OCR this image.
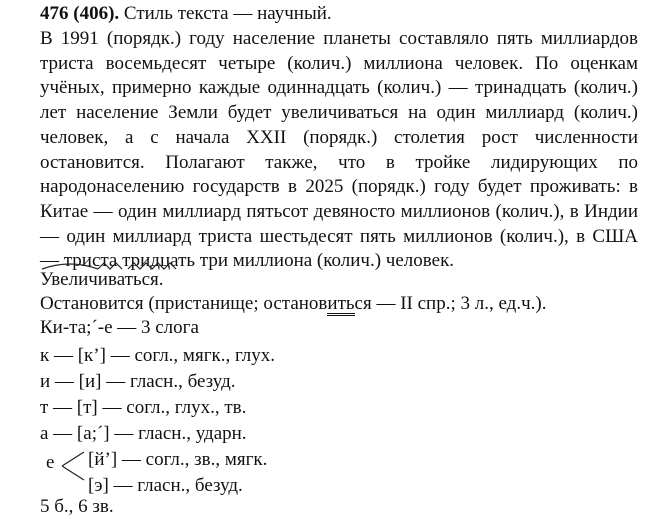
476 (406). Стиль текста — научный.
В 1991 (порядк.) году население планеты составляло пять миллиардов триста восемьдесят четыре (колич.) миллиона человек. По оценкам учёных, примерно каждые одиннадцать (колич.) — тринадцать (колич.) лет население Земли будет увеличиваться на один миллиард (колич.) человек, а с начала XXII (порядк.) столетия рост численности остановится. Полагают также, что в тройке лидирующих по народонаселению государств в 2025 (порядк.) году будет проживать: в Китае — один миллиард пятьсот девяносто миллионов (колич.), в Индии — один миллиард триста шестьдесят пять миллионов (колич.), в США — триста тридцать три миллиона (колич.) человек.
Увеличиваться.
Остановится (пристанище; остановиться — II спр.; 3 л., ед.ч.).
Ки-та;´-е — 3 слога
к — [к’] — согл., мягк., глух.
и — [и] — гласн., безуд.
т — [т] — согл., глух., тв.
а — [а;´] — гласн., ударн.
е [й’] — согл., зв., мягк.
[э] — гласн., безуд.
5 б., 6 зв.
